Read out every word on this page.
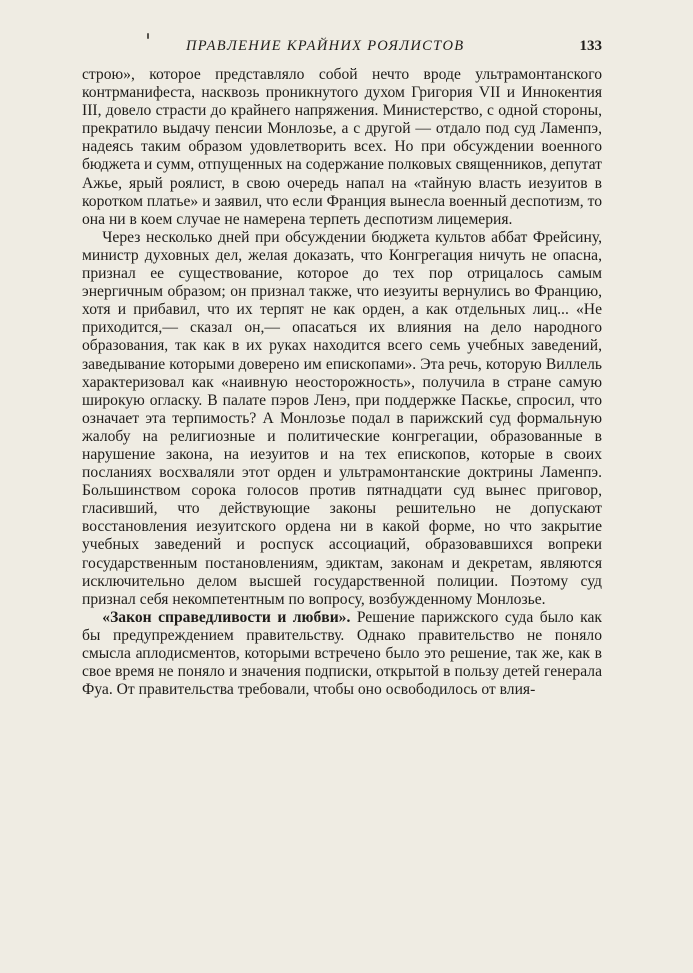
ПРАВЛЕНИЕ КРАЙНИХ РОЯЛИСТОВ	133

строю», которое представляло собой нечто вроде ультрамонтанского контрманифеста, насквозь проникнутого духом Григория VII и Иннокентия III, довело страсти до крайнего напряжения. Министерство, с одной стороны, прекратило выдачу пенсии Монлозье, а с другой — отдало под суд Ламенпэ, надеясь таким образом удовлетворить всех. Но при обсуждении военного бюджета и сумм, отпущенных на содержание полковых священников, депутат Ажье, ярый роялист, в свою очередь напал на «тайную власть иезуитов в коротком платье» и заявил, что если Франция вынесла военный деспотизм, то она ни в коем случае не намерена терпеть деспотизм лицемерия.

Через несколько дней при обсуждении бюджета культов аббат Фрейсину, министр духовных дел, желая доказать, что Конгрегация ничуть не опасна, признал ее существование, которое до тех пор отрицалось самым энергичным образом; он признал также, что иезуиты вернулись во Францию, хотя и прибавил, что их терпят не как орден, а как отдельных лиц... «Не приходится,— сказал он,— опасаться их влияния на дело народного образования, так как в их руках находится всего семь учебных заведений, заведывание которыми доверено им епископами». Эта речь, которую Виллель характеризовал как «наивную неосторожность», получила в стране самую широкую огласку. В палате пэров Ленэ, при поддержке Паскье, спросил, что означает эта терпимость? А Монлозье подал в парижский суд формальную жалобу на религиозные и политические конгрегации, образованные в нарушение закона, на иезуитов и на тех епископов, которые в своих посланиях восхваляли этот орден и ультрамонтанские доктрины Ламенпэ. Большинством сорока голосов против пятнадцати суд вынес приговор, гласивший, что действующие законы решительно не допускают восстановления иезуитского ордена ни в какой форме, но что закрытие учебных заведений и роспуск ассоциаций, образовавшихся вопреки государственным постановлениям, эдиктам, законам и декретам, являются исключительно делом высшей государственной полиции. Поэтому суд признал себя некомпетентным по вопросу, возбужденному Монлозье.

«Закон справедливости и любви». Решение парижского суда было как бы предупреждением правительству. Однако правительство не поняло смысла аплодисментов, которыми встречено было это решение, так же, как в свое время не поняло и значения подписки, открытой в пользу детей генерала Фуа. От правительства требовали, чтобы оно освободилось от влия-
